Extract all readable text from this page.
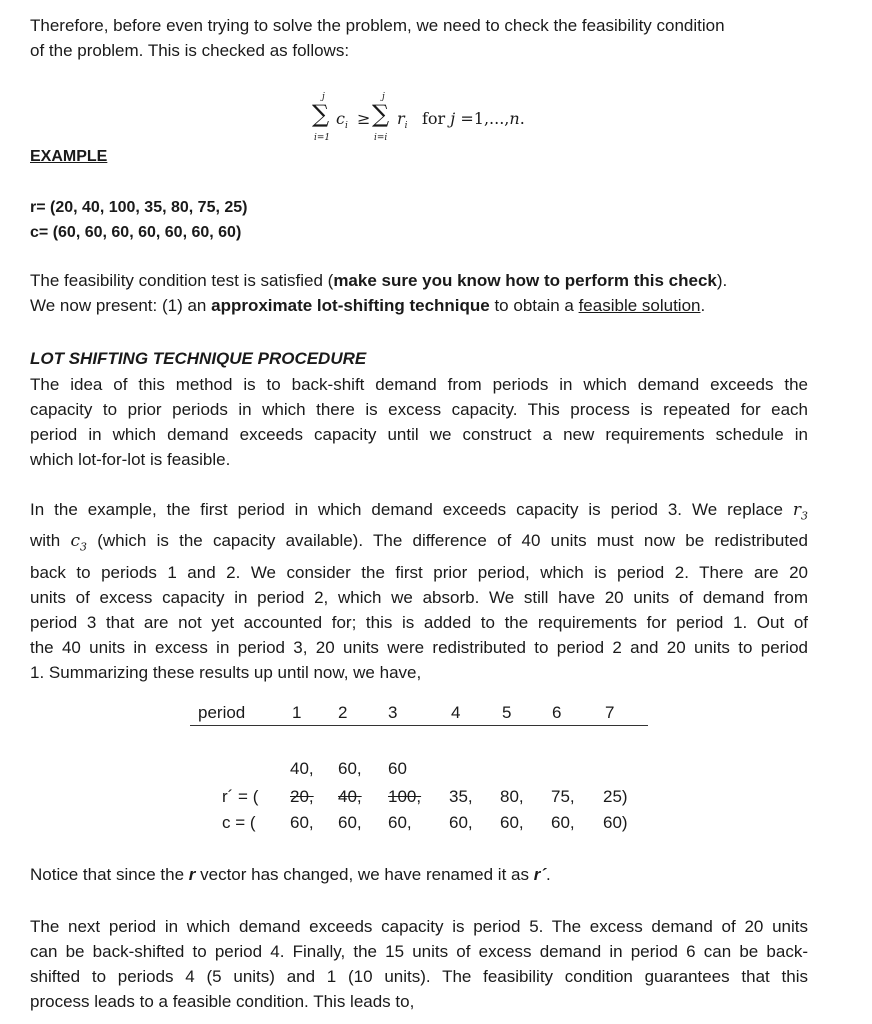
Therefore, before even trying to solve the problem, we need to check the feasibility condition
of the problem. This is checked as follows:
j
∑
i=1
$c_i$ ≥
j
∑
i=i
$r_i$ for j =1,...,n.
EXAMPLE
r= (20, 40, 100, 35, 80, 75, 25)
c= (60, 60, 60, 60, 60, 60, 60)
The feasibility condition test is satisfied (make sure you know how to perform this check).
We now present: (1) an approximate lot-shifting technique to obtain a feasible solution.
LOT SHIFTING TECHNIQUE PROCEDURE
The idea of this method is to back-shift demand from periods in which demand exceeds the
capacity to prior periods in which there is excess capacity. This process is repeated for each
period in which demand exceeds capacity until we construct a new requirements schedule in
which lot-for-lot is feasible.
In the example, the first period in which demand exceeds capacity is period 3. We replace $r_3$
with $c_3$ (which is the capacity available). The difference of 40 units must now be redistributed
back to periods 1 and 2. We consider the first prior period, which is period 2. There are 20
units of excess capacity in period 2, which we absorb. We still have 20 units of demand from
period 3 that are not yet accounted for; this is added to the requirements for period 1. Out of
the 40 units in excess in period 3, 20 units were redistributed to period 2 and 20 units to period
1. Summarizing these results up until now, we have,
period	1 2 3	4 5 6	7
40, 60, 60
r´ = ( 20, 40, 100, 35, 80, 75, 25)
c = ( 60, 60, 60, 60, 60, 60, 60)
Notice that since the r vector has changed, we have renamed it as r´.
The next period in which demand exceeds capacity is period 5. The excess demand of 20 units
can be back-shifted to period 4. Finally, the 15 units of excess demand in period 6 can be back-
shifted to periods 4 (5 units) and 1 (10 units). The feasibility condition guarantees that this
process leads to a feasible condition. This leads to,
